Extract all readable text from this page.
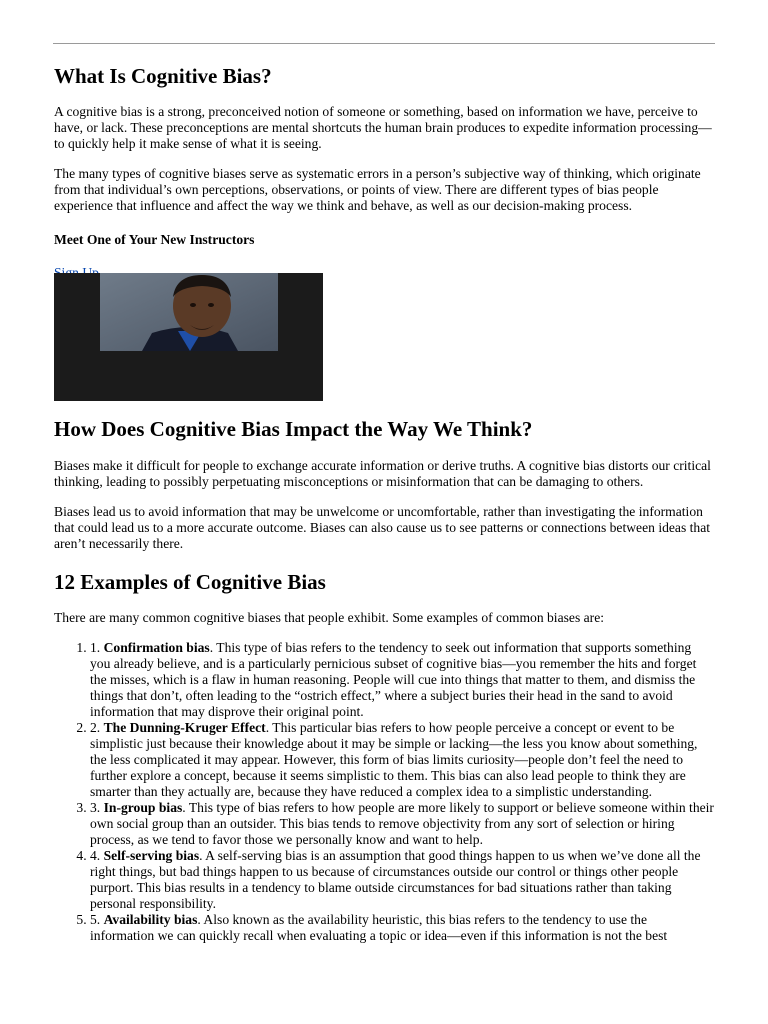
What Is Cognitive Bias?

A cognitive bias is a strong, preconceived notion of someone or something, based on information we have, perceive to have, or lack. These preconceptions are mental shortcuts the human brain produces to expedite information processing—to quickly help it make sense of what it is seeing.

The many types of cognitive biases serve as systematic errors in a person’s subjective way of thinking, which originate from that individual’s own perceptions, observations, or points of view. There are different types of bias people experience that influence and affect the way we think and behave, as well as our decision-making process.

Meet One of Your New Instructors

How Does Cognitive Bias Impact the Way We Think?

Biases make it difficult for people to exchange accurate information or derive truths. A cognitive bias distorts our critical thinking, leading to possibly perpetuating misconceptions or misinformation that can be damaging to others.

Biases lead us to avoid information that may be unwelcome or uncomfortable, rather than investigating the information that could lead us to a more accurate outcome. Biases can also cause us to see patterns or connections between ideas that aren’t necessarily there.

12 Examples of Cognitive Bias

There are many common cognitive biases that people exhibit. Some examples of common biases are:

1. 1. Confirmation bias. This type of bias refers to the tendency to seek out information that supports something you already believe, and is a particularly pernicious subset of cognitive bias—you remember the hits and forget the misses, which is a flaw in human reasoning. People will cue into things that matter to them, and dismiss the things that don’t, often leading to the “ostrich effect,” where a subject buries their head in the sand to avoid information that may disprove their original point.
2. 2. The Dunning-Kruger Effect. This particular bias refers to how people perceive a concept or event to be simplistic just because their knowledge about it may be simple or lacking—the less you know about something, the less complicated it may appear. However, this form of bias limits curiosity—people don’t feel the need to further explore a concept, because it seems simplistic to them. This bias can also lead people to think they are smarter than they actually are, because they have reduced a complex idea to a simplistic understanding.
3. 3. In-group bias. This type of bias refers to how people are more likely to support or believe someone within their own social group than an outsider. This bias tends to remove objectivity from any sort of selection or hiring process, as we tend to favor those we personally know and want to help.
4. 4. Self-serving bias. A self-serving bias is an assumption that good things happen to us when we’ve done all the right things, but bad things happen to us because of circumstances outside our control or things other people purport. This bias results in a tendency to blame outside circumstances for bad situations rather than taking personal responsibility.
5. 5. Availability bias. Also known as the availability heuristic, this bias refers to the tendency to use the information we can quickly recall when evaluating a topic or idea—even if this information is not the best
